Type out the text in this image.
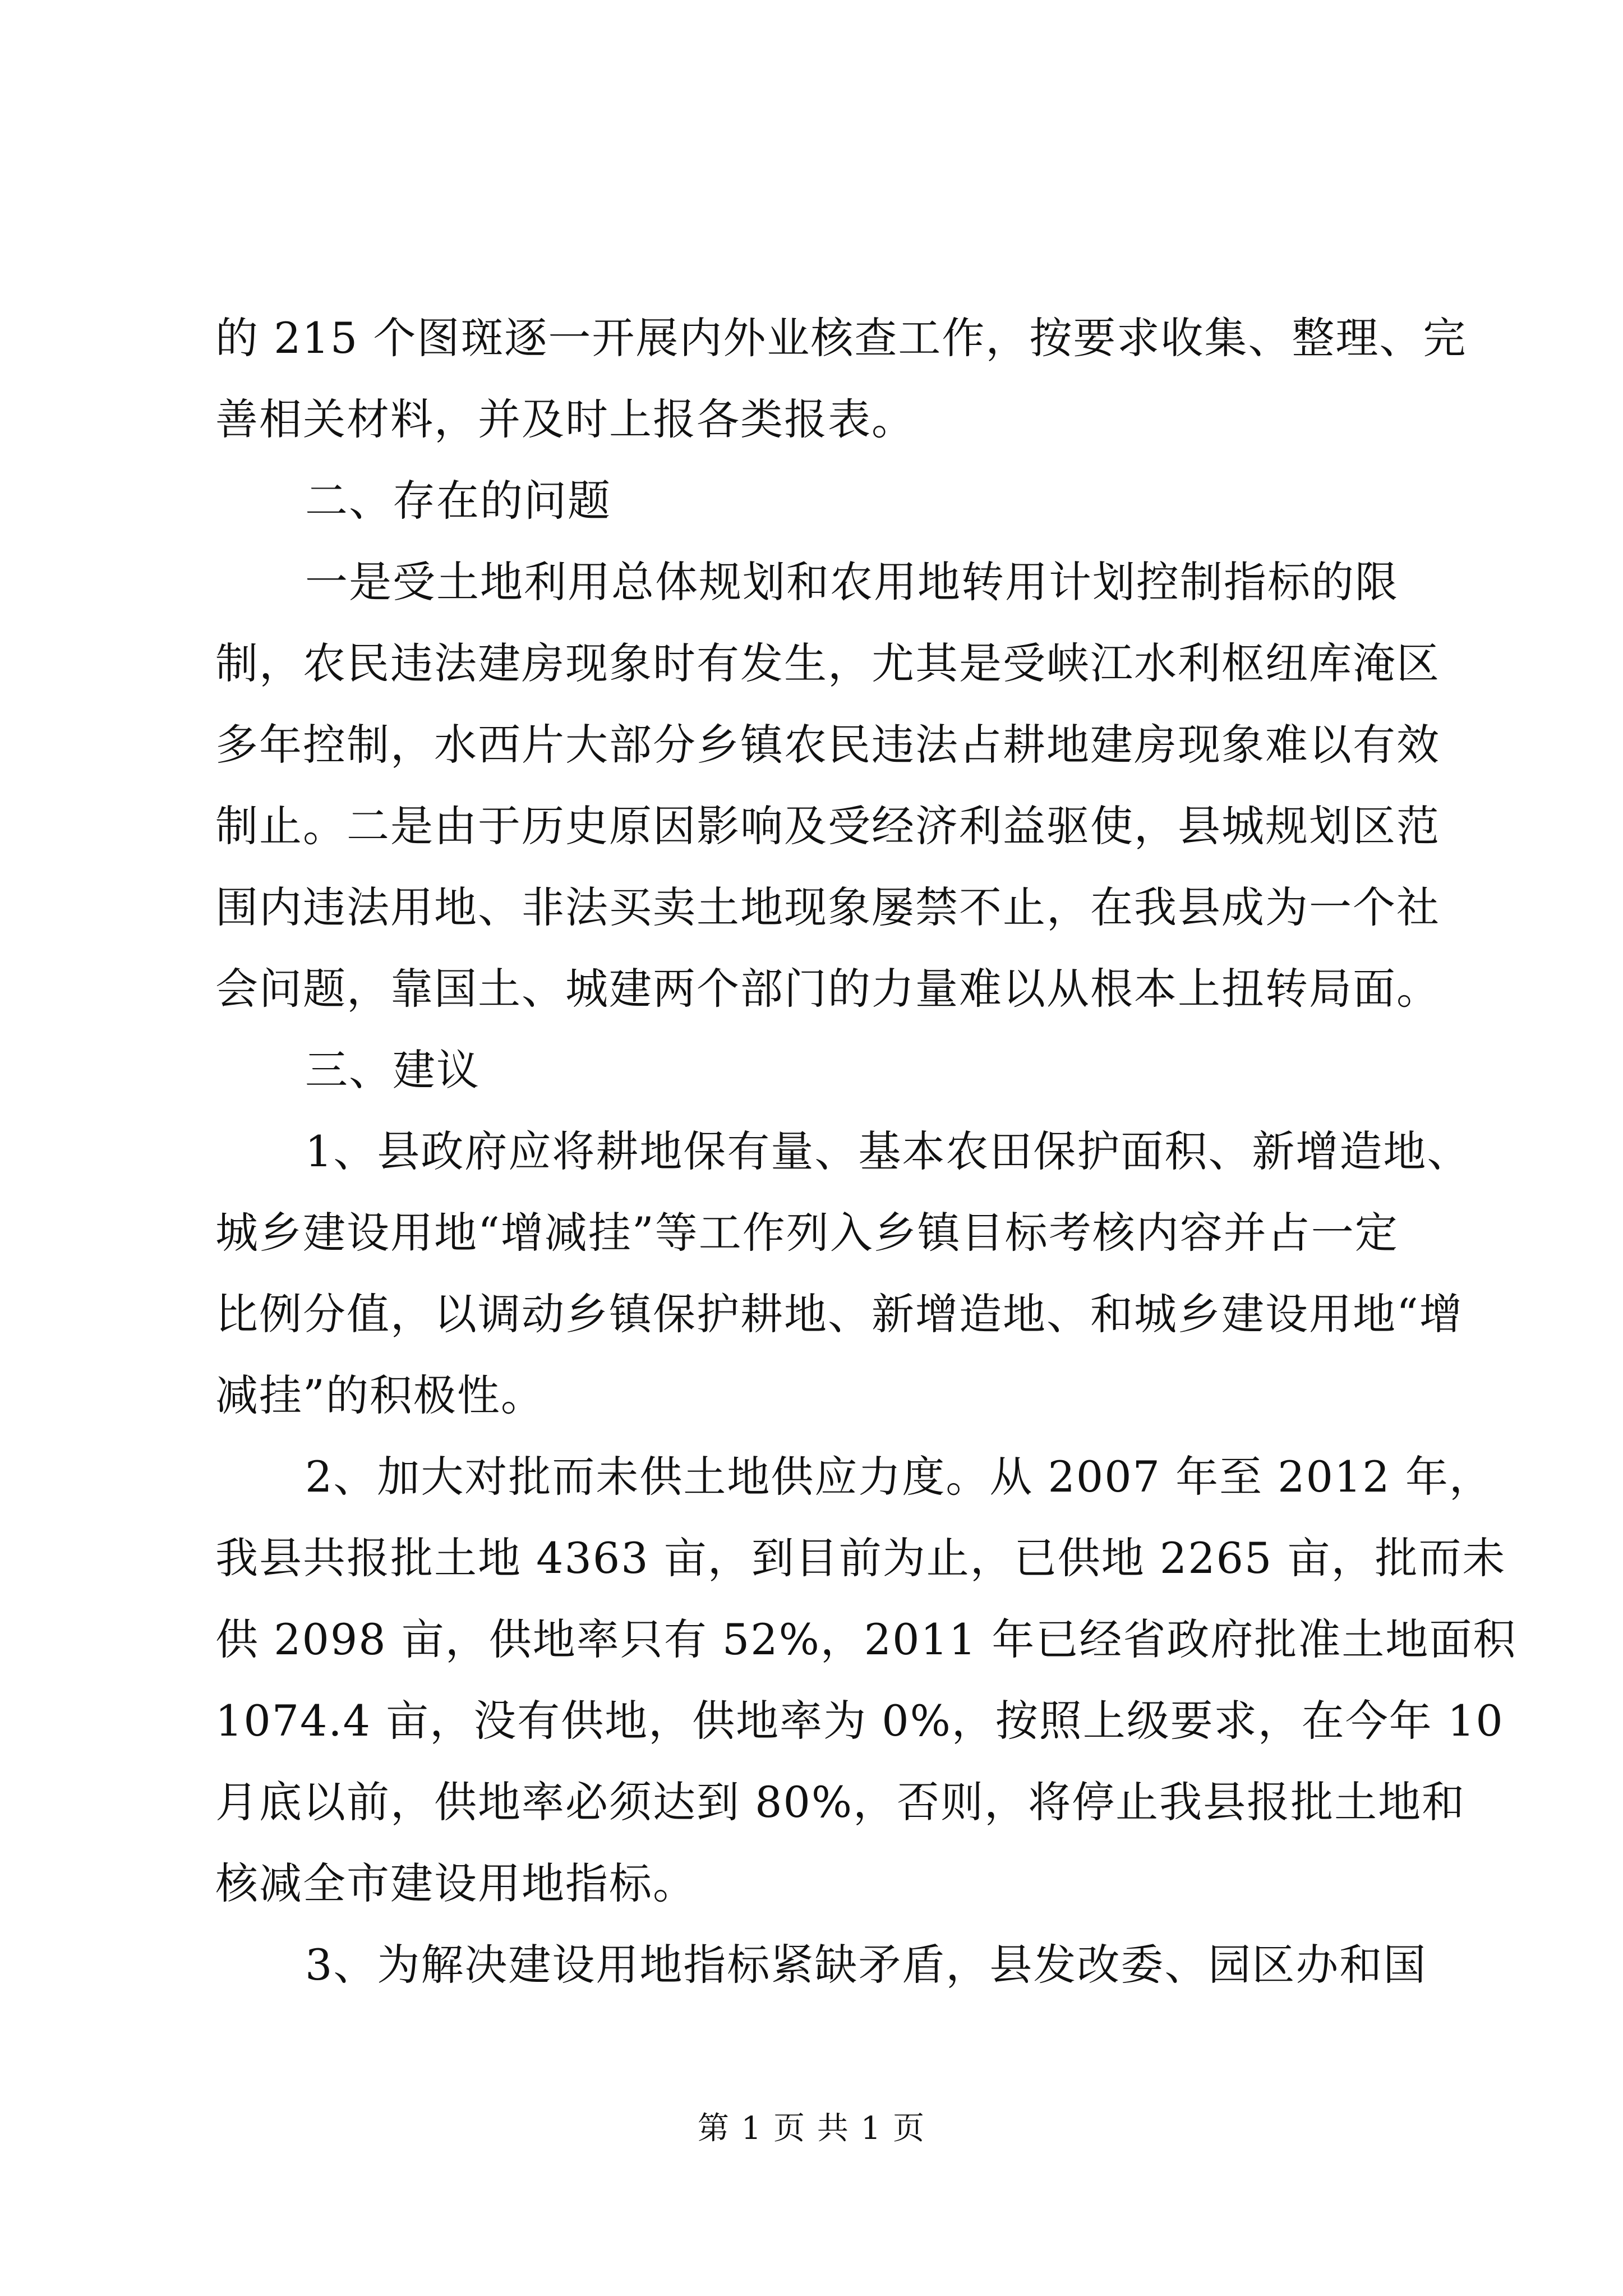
的 215 个图斑逐一开展内外业核查工作，按要求收集、整理、完
善相关材料，并及时上报各类报表。
二、存在的问题
一是受土地利用总体规划和农用地转用计划控制指标的限
制，农民违法建房现象时有发生，尤其是受峡江水利枢纽库淹区
多年控制，水西片大部分乡镇农民违法占耕地建房现象难以有效
制止。二是由于历史原因影响及受经济利益驱使，县城规划区范
围内违法用地、非法买卖土地现象屡禁不止，在我县成为一个社
会问题，靠国土、城建两个部门的力量难以从根本上扭转局面。
三、建议
1、县政府应将耕地保有量、基本农田保护面积、新增造地、
城乡建设用地“增减挂”等工作列入乡镇目标考核内容并占一定
比例分值，以调动乡镇保护耕地、新增造地、和城乡建设用地“增
减挂”的积极性。
2、加大对批而未供土地供应力度。从 2007 年至 2012 年，
我县共报批土地 4363 亩，到目前为止，已供地 2265 亩，批而未
供 2098 亩，供地率只有 52%，2011 年已经省政府批准土地面积
1074.4 亩，没有供地，供地率为 0%，按照上级要求，在今年 10
月底以前，供地率必须达到 80%，否则，将停止我县报批土地和
核减全市建设用地指标。
3、为解决建设用地指标紧缺矛盾，县发改委、园区办和国
第 1 页 共 1 页
